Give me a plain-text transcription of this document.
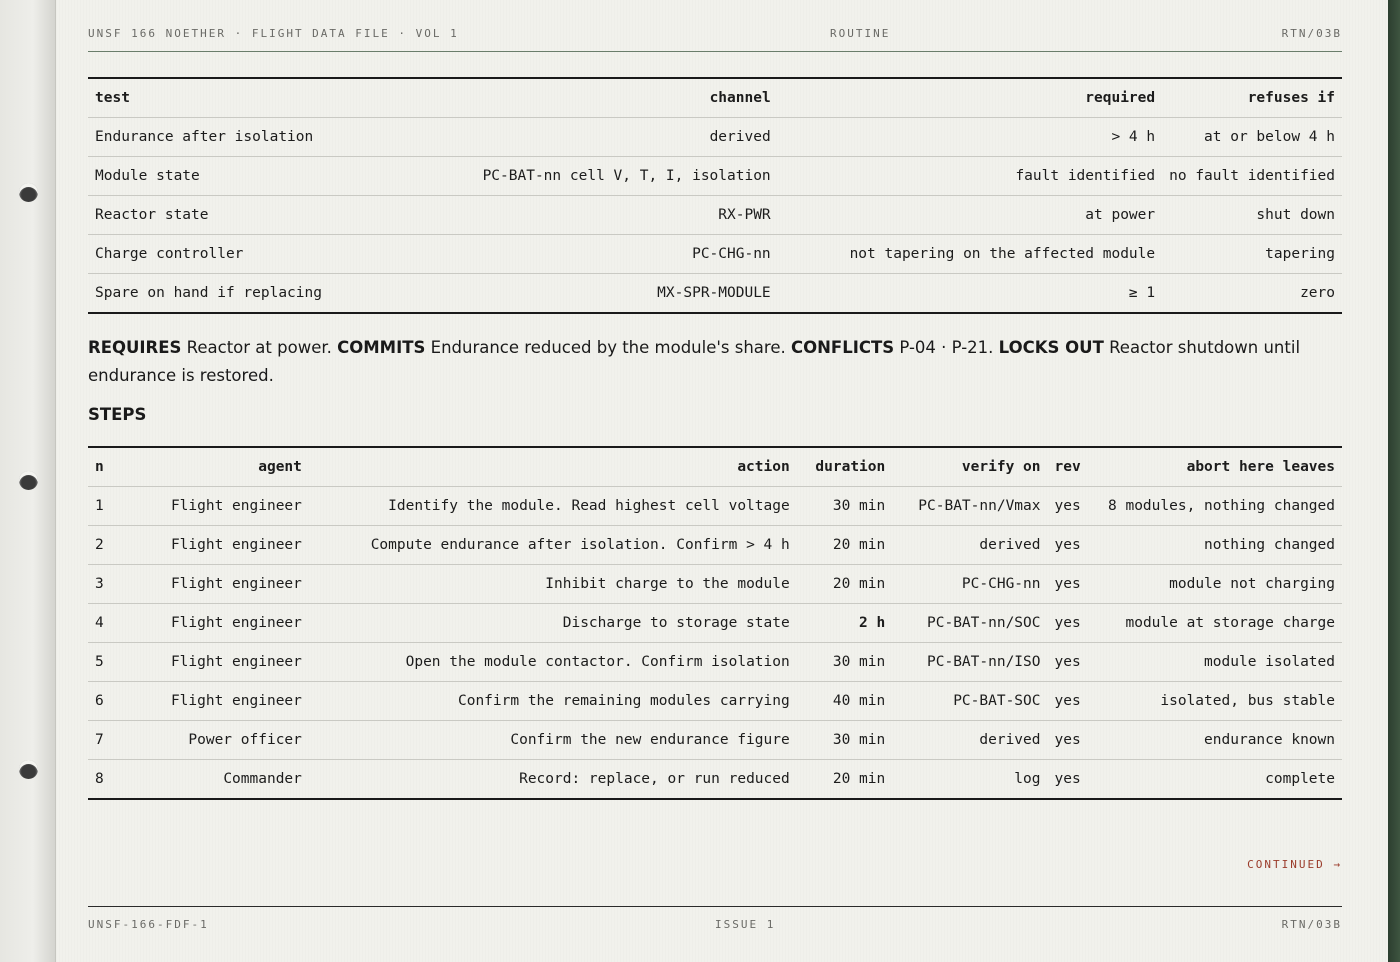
UNSF 166 NOETHER · FLIGHT DATA FILE · VOL 1	ROUTINE	RTN/03B
test	channel	required	refuses if
Endurance after isolation	derived	> 4 h	at or below 4 h
Module state	PC-BAT-nn cell V, T, I, isolation	fault identified	no fault identified
Reactor state	RX-PWR	at power	shut down
Charge controller	PC-CHG-nn	not tapering on the affected module	tapering
Spare on hand if replacing	MX-SPR-MODULE	≥ 1	zero
REQUIRES Reactor at power. COMMITS Endurance reduced by the module's share. CONFLICTS P-04 · P-21. LOCKS OUT Reactor shutdown until endurance is restored.
STEPS
n	agent	action	duration	verify on	rev	abort here leaves
1	Flight engineer	Identify the module. Read highest cell voltage	30 min	PC-BAT-nn/Vmax	yes	8 modules, nothing changed
2	Flight engineer	Compute endurance after isolation. Confirm > 4 h	20 min	derived	yes	nothing changed
3	Flight engineer	Inhibit charge to the module	20 min	PC-CHG-nn	yes	module not charging
4	Flight engineer	Discharge to storage state	2 h	PC-BAT-nn/SOC	yes	module at storage charge
5	Flight engineer	Open the module contactor. Confirm isolation	30 min	PC-BAT-nn/ISO	yes	module isolated
6	Flight engineer	Confirm the remaining modules carrying	40 min	PC-BAT-SOC	yes	isolated, bus stable
7	Power officer	Confirm the new endurance figure	30 min	derived	yes	endurance known
8	Commander	Record: replace, or run reduced	20 min	log	yes	complete
CONTINUED →
UNSF-166-FDF-1	ISSUE 1	RTN/03B
